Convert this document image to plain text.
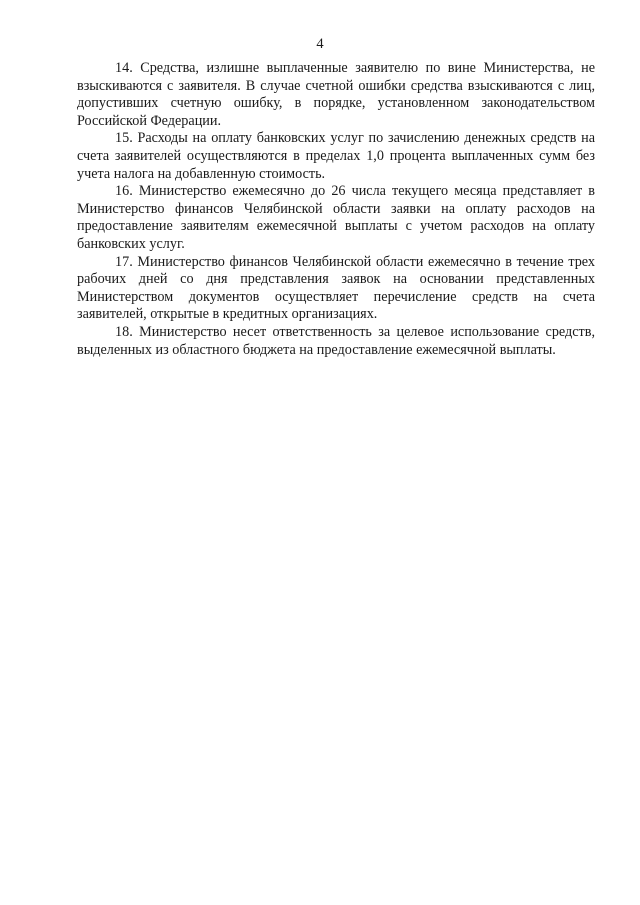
4

14. Средства, излишне выплаченные заявителю по вине Министерства, не взыскиваются с заявителя. В случае счетной ошибки средства взыскиваются с лиц, допустивших счетную ошибку, в порядке, установленном законодательством Российской Федерации.

15. Расходы на оплату банковских услуг по зачислению денежных средств на счета заявителей осуществляются в пределах 1,0 процента выплаченных сумм без учета налога на добавленную стоимость.

16. Министерство ежемесячно до 26 числа текущего месяца представляет в Министерство финансов Челябинской области заявки на оплату расходов на предоставление заявителям ежемесячной выплаты с учетом расходов на оплату банковских услуг.

17. Министерство финансов Челябинской области ежемесячно в течение трех рабочих дней со дня представления заявок на основании представленных Министерством документов осуществляет перечисление средств на счета заявителей, открытые в кредитных организациях.

18. Министерство несет ответственность за целевое использование средств, выделенных из областного бюджета на предоставление ежемесячной выплаты.
